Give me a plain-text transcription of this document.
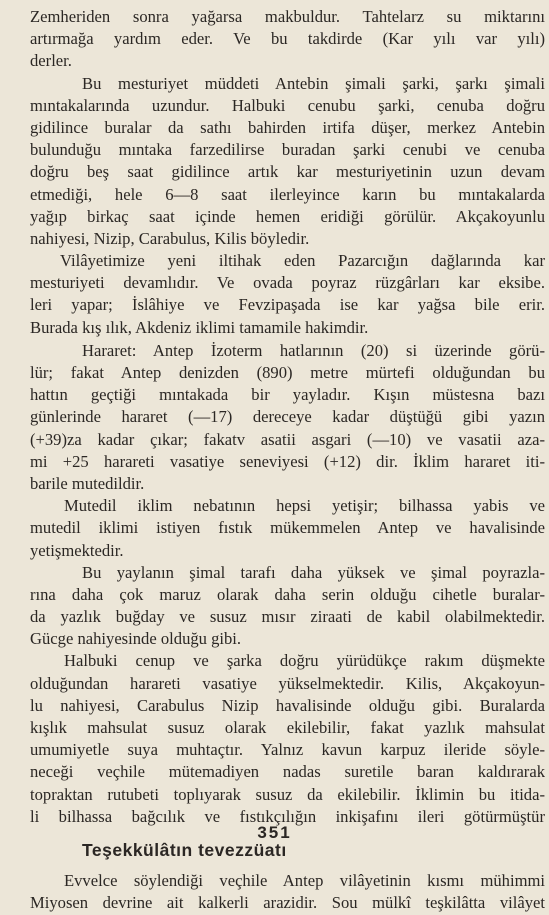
Zemheriden sonra yağarsa makbuldur. Tahtelarz su miktarını
artırmağa yardım eder. Ve bu takdirde (Kar yılı var yılı)
derler.
Bu mesturiyet müddeti Antebin şimali şarki, şarkı şimali
mıntakalarında uzundur. Halbuki cenubu şarki, cenuba doğru
gidilince buralar da sathı bahirden irtifa düşer, merkez Antebin
bulunduğu mıntaka farzedilirse buradan şarki cenubi ve cenuba
doğru beş saat gidilince artık kar mesturiyetinin uzun devam
etmediği, hele 6—8 saat ilerleyince karın bu mıntakalarda
yağıp birkaç saat içinde hemen eridiği görülür. Akçakoyunlu
nahiyesi, Nizip, Carabulus, Kilis böyledir.
Vilâyetimize yeni iltihak eden Pazarcığın dağlarında kar
mesturiyeti devamlıdır. Ve ovada poyraz rüzgârları kar eksibe.
leri yapar; İslâhiye ve Fevzipaşada ise kar yağsa bile erir.
Burada kış ılık, Akdeniz iklimi tamamile hakimdir.
Hararet: Antep İzoterm hatlarının (20) si üzerinde görü-
lür; fakat Antep denizden (890) metre mürtefi olduğundan bu
hattın geçtiği mıntakada bir yayladır. Kışın müstesna bazı
günlerinde hararet (—17) dereceye kadar düştüğü gibi yazın
(+39)za kadar çıkar; fakatv asatii asgari (—10) ve vasatii aza-
mi +25 harareti vasatiye seneviyesi (+12) dir. İklim hararet iti-
barile mutedildir.
Mutedil iklim nebatının hepsi yetişir; bilhassa yabis ve
mutedil iklimi istiyen fıstık mükemmelen Antep ve havalisinde
yetişmektedir.
Bu yaylanın şimal tarafı daha yüksek ve şimal poyrazla-
rına daha çok maruz olarak daha serin olduğu cihetle buralar-
da yazlık buğday ve susuz mısır ziraati de kabil olabilmektedir.
Gücge nahiyesinde olduğu gibi.
Halbuki cenup ve şarka doğru yürüdükçe rakım düşmekte
olduğundan harareti vasatiye yükselmektedir. Kilis, Akçakoyun-
lu nahiyesi, Carabulus Nizip havalisinde olduğu gibi. Buralarda
kışlık mahsulat susuz olarak ekilebilir, fakat yazlık mahsulat
umumiyetle suya muhtaçtır. Yalnız kavun karpuz ileride söyle-
neceği veçhile mütemadiyen nadas suretile baran kaldırarak
topraktan rutubeti toplıyarak susuz da ekilebilir. İklimin bu itida-
li bilhassa bağcılık ve fıstıkçılığın inkişafını ileri götürmüştür
Teşekkülâtın tevezzüatı
Evvelce söylendiği veçhile Antep vilâyetinin kısmı mühimmi
Miyosen devrine ait kalkerli arazidir. Sou mülkî teşkilâtta vilâyet
351
